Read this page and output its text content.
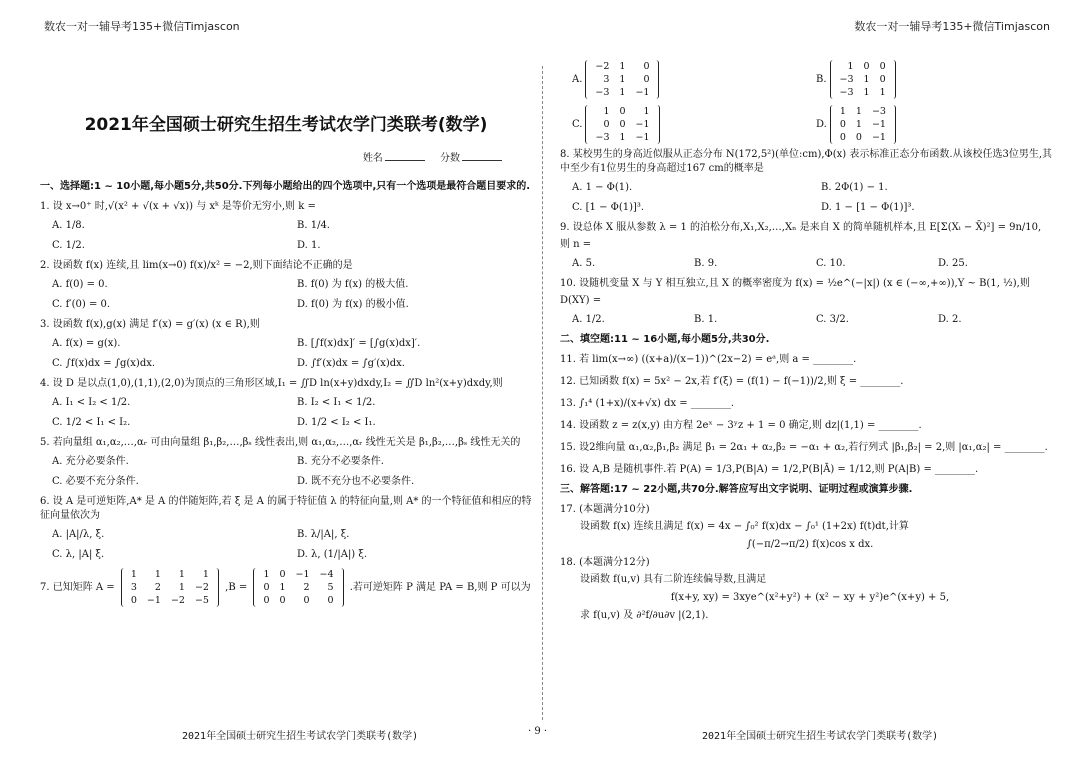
数农一对一辅导考135+微信Timjascon	数农一对一辅导考135+微信Timjascon
2021年全国硕士研究生招生考试农学门类联考(数学)
姓名	分数
一、选择题:1 ~ 10小题,每小题5分,共50分.下列每小题给出的四个选项中,只有一个选项是最符合题目要求的.
1. 设 x→0⁺ 时,√(x² + √(x + √x)) 与 xᵏ 是等价无穷小,则 k =
A. 1/8.	B. 1/4.
C. 1/2.	D. 1.
2. 设函数 f(x) 连续,且 lim(x→0) f(x)/x² = −2,则下面结论不正确的是
A. f(0) = 0.	B. f(0) 为 f(x) 的极大值.
C. f′(0) = 0.	D. f(0) 为 f(x) 的极小值.
3. 设函数 f(x),g(x) 满足 f′(x) = g′(x) (x ∈ R),则
A. f(x) = g(x).	B. [∫f(x)dx]′ = [∫g(x)dx]′.
C. ∫f(x)dx = ∫g(x)dx.	D. ∫f′(x)dx = ∫g′(x)dx.
4. 设 D 是以点(1,0),(1,1),(2,0)为顶点的三角形区域,I₁ = ∬D ln(x+y)dxdy,I₂ = ∬D ln²(x+y)dxdy,则
A. I₁ < I₂ < 1/2.	B. I₂ < I₁ < 1/2.
C. 1/2 < I₁ < I₂.	D. 1/2 < I₂ < I₁.
5. 若向量组 α₁,α₂,…,αᵣ 可由向量组 β₁,β₂,…,βₛ 线性表出,则 α₁,α₂,…,αᵣ 线性无关是 β₁,β₂,…,βₛ 线性无关的
A. 充分必要条件.	B. 充分不必要条件.
C. 必要不充分条件.	D. 既不充分也不必要条件.
6. 设 A 是可逆矩阵,A* 是 A 的伴随矩阵,若 ξ 是 A 的属于特征值 λ 的特征向量,则 A* 的一个特征值和相应的特征向量依次为
A. |A|/λ, ξ.	B. λ/|A|, ξ.
C. λ, |A| ξ.	D. λ, (1/|A|) ξ.
7. 已知矩阵 A =
1	1	1	1
3	2	1	−2
0	−1	−2	−5
,B =
1	0	−1	−4
0	1	2	5
0	0	0	0
.若可逆矩阵 P 满足 PA = B,则 P 可以为
A.
−2	1	0
3	1	0
−3	1	−1
B.
1	0	0
−3	1	0
−3	1	1
C.
1	0	1
0	0	−1
−3	1	−1
D.
1	1	−3
0	1	−1
0	0	−1
8. 某校男生的身高近似服从正态分布 N(172,5²)(单位:cm),Φ(x) 表示标准正态分布函数.从该校任选3位男生,其中至少有1位男生的身高超过167 cm的概率是
A. 1 − Φ(1).	B. 2Φ(1) − 1.
C. [1 − Φ(1)]³.	D. 1 − [1 − Φ(1)]³.
9. 设总体 X 服从参数 λ = 1 的泊松分布,X₁,X₂,…,Xₙ 是来自 X 的简单随机样本,且 E[Σ(Xᵢ − X̄)²] = 9n/10,
则 n =
A. 5.	B. 9.	C. 10.	D. 25.
10. 设随机变量 X 与 Y 相互独立,且 X 的概率密度为 f(x) = ½e^(−|x|) (x ∈ (−∞,+∞)),Y ~ B(1, ½),则
D(XY) =
A. 1/2.	B. 1.	C. 3/2.	D. 2.
二、填空题:11 ~ 16小题,每小题5分,共30分.
11. 若 lim(x→∞) ((x+a)/(x−1))^(2x−2) = eᵃ,则 a = ________.
12. 已知函数 f(x) = 5x² − 2x,若 f′(ξ) = (f(1) − f(−1))/2,则 ξ = ________.
13. ∫₁⁴ (1+x)/(x+√x) dx = ________.
14. 设函数 z = z(x,y) 由方程 2eˣ − 3ʸz + 1 = 0 确定,则 dz|(1,1) = ________.
15. 设2维向量 α₁,α₂,β₁,β₂ 满足 β₁ = 2α₁ + α₂,β₂ = −α₁ + α₂,若行列式 |β₁,β₂| = 2,则 |α₁,α₂| = ________.
16. 设 A,B 是随机事件.若 P(A) = 1/3,P(B|A) = 1/2,P(B|Ā) = 1/12,则 P(A|B) = ________.
三、解答题:17 ~ 22小题,共70分.解答应写出文字说明、证明过程或演算步骤.
17. (本题满分10分)
设函数 f(x) 连续且满足 f(x) = 4x − ∫₀² f(x)dx − ∫₀¹ (1+2x) f(t)dt,计算
∫(−π/2→π/2) f(x)cos x dx.
18. (本题满分12分)
设函数 f(u,v) 具有二阶连续偏导数,且满足
f(x+y, xy) = 3xye^(x²+y²) + (x² − xy + y²)e^(x+y) + 5,
求 f(u,v) 及 ∂²f/∂u∂v |(2,1).
2021年全国硕士研究生招生考试农学门类联考(数学)	· 9 ·	2021年全国硕士研究生招生考试农学门类联考(数学)
